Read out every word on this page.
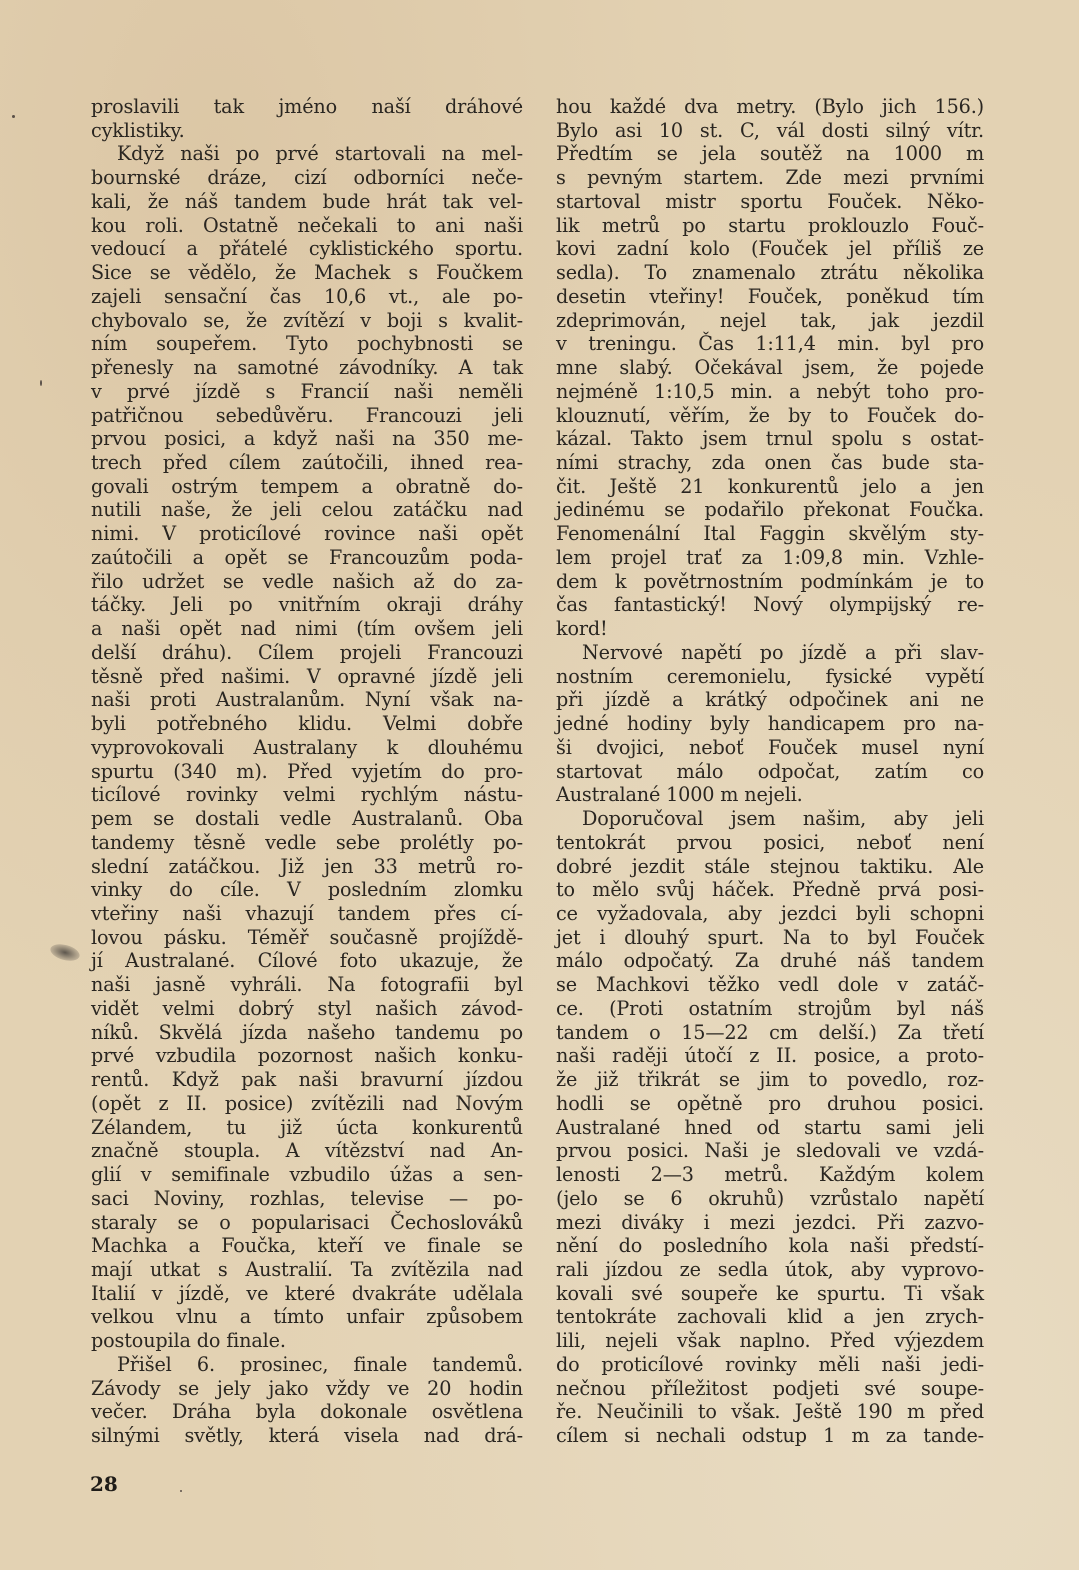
proslavili tak jméno naší dráhové
cyklistiky.
Když naši po prvé startovali na mel-
bournské dráze, cizí odborníci neče-
kali, že náš tandem bude hrát tak vel-
kou roli. Ostatně nečekali to ani naši
vedoucí a přátelé cyklistického sportu.
Sice se vědělo, že Machek s Foučkem
zajeli sensační čas 10,6 vt., ale po-
chybovalo se, že zvítězí v boji s kvalit-
ním soupeřem. Tyto pochybnosti se
přenesly na samotné závodníky. A tak
v prvé jízdě s Francií naši neměli
patřičnou sebedůvěru. Francouzi jeli
prvou posici, a když naši na 350 me-
trech před cílem zaútočili, ihned rea-
govali ostrým tempem a obratně do-
nutili naše, že jeli celou zatáčku nad
nimi. V proticílové rovince naši opět
zaútočili a opět se Francouzům poda-
řilo udržet se vedle našich až do za-
táčky. Jeli po vnitřním okraji dráhy
a naši opět nad nimi (tím ovšem jeli
delší dráhu). Cílem projeli Francouzi
těsně před našimi. V opravné jízdě jeli
naši proti Australanům. Nyní však na-
byli potřebného klidu. Velmi dobře
vyprovokovali Australany k dlouhému
spurtu (340 m). Před vyjetím do pro-
ticílové rovinky velmi rychlým nástu-
pem se dostali vedle Australanů. Oba
tandemy těsně vedle sebe prolétly po-
slední zatáčkou. Již jen 33 metrů ro-
vinky do cíle. V posledním zlomku
vteřiny naši vhazují tandem přes cí-
lovou pásku. Téměř současně projíždě-
jí Australané. Cílové foto ukazuje, že
naši jasně vyhráli. Na fotografii byl
vidět velmi dobrý styl našich závod-
níků. Skvělá jízda našeho tandemu po
prvé vzbudila pozornost našich konku-
rentů. Když pak naši bravurní jízdou
(opět z II. posice) zvítězili nad Novým
Zélandem, tu již úcta konkurentů
značně stoupla. A vítězství nad An-
glií v semifinale vzbudilo úžas a sen-
saci Noviny, rozhlas, televise — po-
staraly se o popularisaci Čechoslováků
Machka a Foučka, kteří ve finale se
mají utkat s Australií. Ta zvítězila nad
Italií v jízdě, ve které dvakráte udělala
velkou vlnu a tímto unfair způsobem
postoupila do finale.
Přišel 6. prosinec, finale tandemů.
Závody se jely jako vždy ve 20 hodin
večer. Dráha byla dokonale osvětlena
silnými světly, která visela nad drá-
hou každé dva metry. (Bylo jich 156.)
Bylo asi 10 st. C, vál dosti silný vítr.
Předtím se jela soutěž na 1000 m
s pevným startem. Zde mezi prvními
startoval mistr sportu Fouček. Něko-
lik metrů po startu proklouzlo Fouč-
kovi zadní kolo (Fouček jel příliš ze
sedla). To znamenalo ztrátu několika
desetin vteřiny! Fouček, poněkud tím
zdeprimován, nejel tak, jak jezdil
v treningu. Čas 1:11,4 min. byl pro
mne slabý. Očekával jsem, že pojede
nejméně 1:10,5 min. a nebýt toho pro-
klouznutí, věřím, že by to Fouček do-
kázal. Takto jsem trnul spolu s ostat-
ními strachy, zda onen čas bude sta-
čit. Ještě 21 konkurentů jelo a jen
jedinému se podařilo překonat Foučka.
Fenomenální Ital Faggin skvělým sty-
lem projel trať za 1:09,8 min. Vzhle-
dem k povětrnostním podmínkám je to
čas fantastický! Nový olympijský re-
kord!
Nervové napětí po jízdě a při slav-
nostním ceremonielu, fysické vypětí
při jízdě a krátký odpočinek ani ne
jedné hodiny byly handicapem pro na-
ši dvojici, neboť Fouček musel nyní
startovat málo odpočat, zatím co
Australané 1000 m nejeli.
Doporučoval jsem našim, aby jeli
tentokrát prvou posici, neboť není
dobré jezdit stále stejnou taktiku. Ale
to mělo svůj háček. Předně prvá posi-
ce vyžadovala, aby jezdci byli schopni
jet i dlouhý spurt. Na to byl Fouček
málo odpočatý. Za druhé náš tandem
se Machkovi těžko vedl dole v zatáč-
ce. (Proti ostatním strojům byl náš
tandem o 15—22 cm delší.) Za třetí
naši raději útočí z II. posice, a proto-
že již třikrát se jim to povedlo, roz-
hodli se opětně pro druhou posici.
Australané hned od startu sami jeli
prvou posici. Naši je sledovali ve vzdá-
lenosti 2—3 metrů. Každým kolem
(jelo se 6 okruhů) vzrůstalo napětí
mezi diváky i mezi jezdci. Při zazvo-
nění do posledního kola naši předstí-
rali jízdou ze sedla útok, aby vyprovo-
kovali své soupeře ke spurtu. Ti však
tentokráte zachovali klid a jen zrych-
lili, nejeli však naplno. Před výjezdem
do proticílové rovinky měli naši jedi-
nečnou příležitost podjeti své soupe-
ře. Neučinili to však. Ještě 190 m před
cílem si nechali odstup 1 m za tande-
28
